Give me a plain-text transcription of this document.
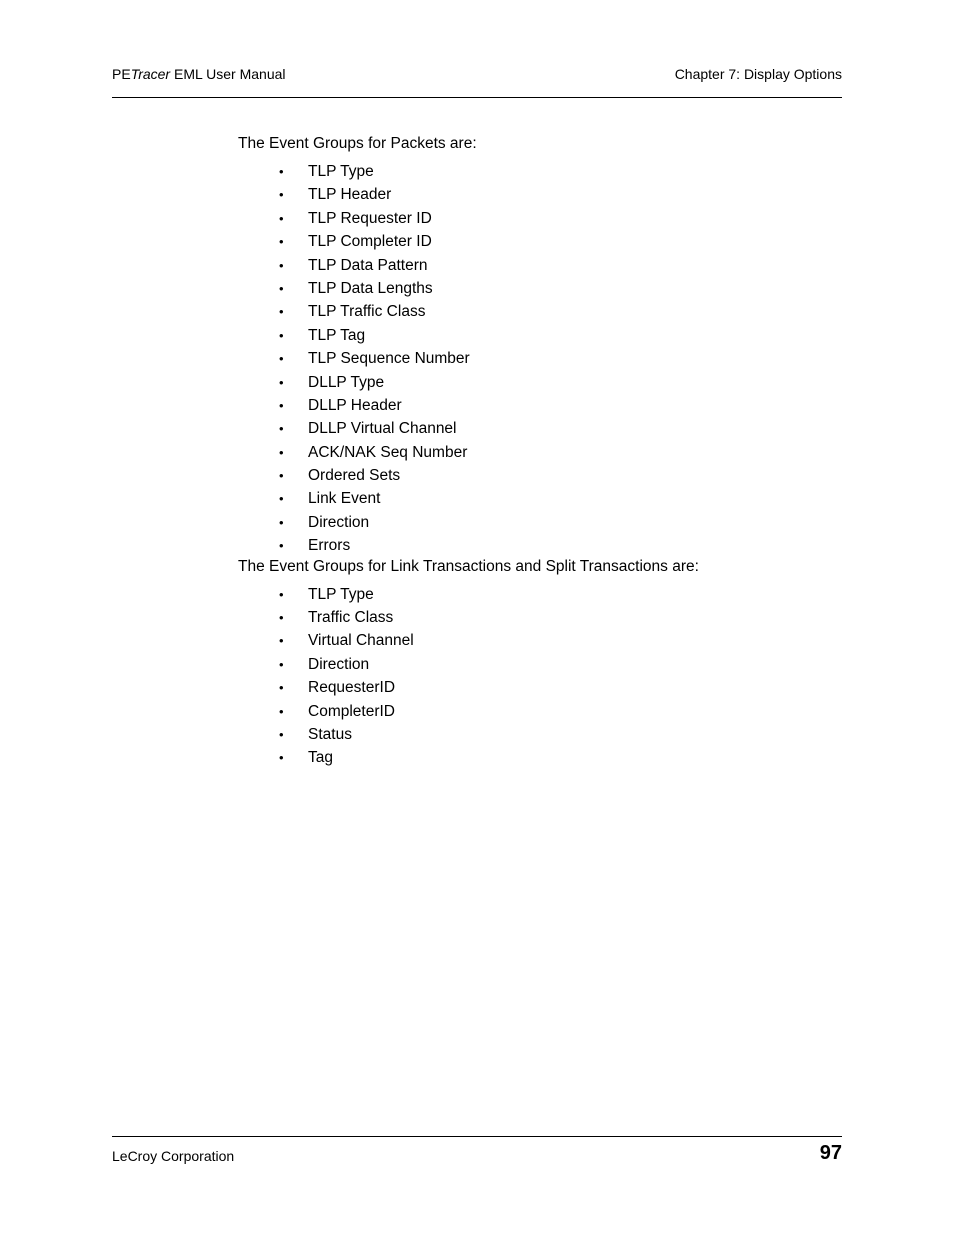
PETracer EML User Manual	Chapter 7: Display Options
The Event Groups for Packets are:
• TLP Type
• TLP Header
• TLP Requester ID
• TLP Completer ID
• TLP Data Pattern
• TLP Data Lengths
• TLP Traffic Class
• TLP Tag
• TLP Sequence Number
• DLLP Type
• DLLP Header
• DLLP Virtual Channel
• ACK/NAK Seq Number
• Ordered Sets
• Link Event
• Direction
• Errors
The Event Groups for Link Transactions and Split Transactions are:
• TLP Type
• Traffic Class
• Virtual Channel
• Direction
• RequesterID
• CompleterID
• Status
• Tag
LeCroy Corporation	97
